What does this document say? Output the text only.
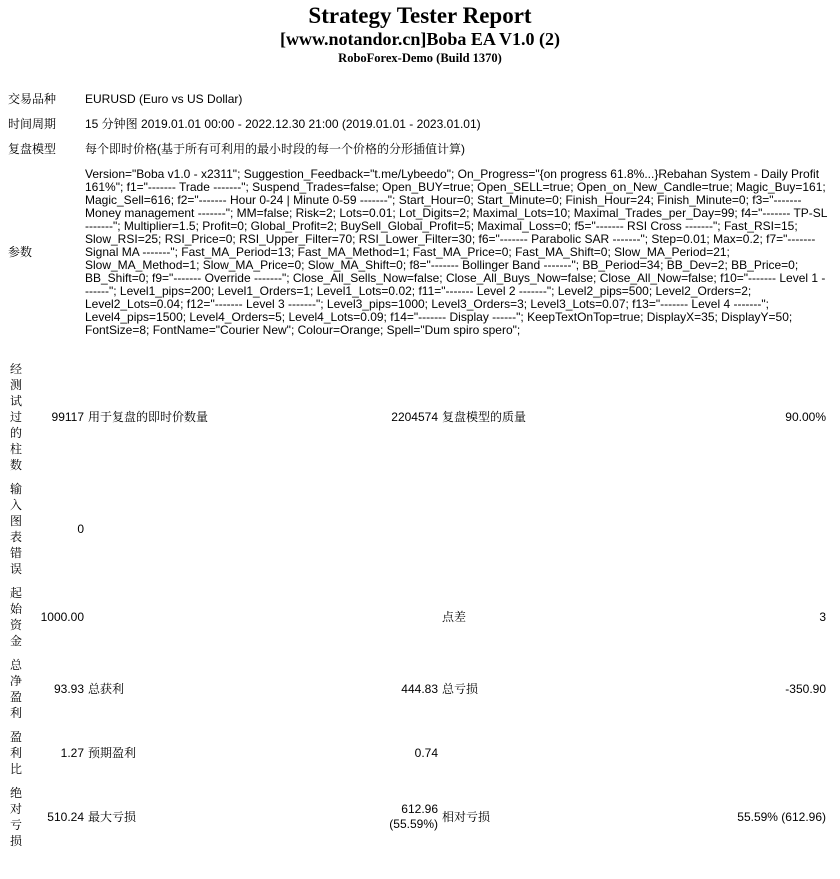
Strategy Tester Report
[www.notandor.cn]Boba EA V1.0 (2)
RoboForex-Demo (Build 1370)
交易品种	EURUSD (Euro vs US Dollar)
时间周期	15 分钟图 2019.01.01 00:00 - 2022.12.30 21:00 (2019.01.01 - 2023.01.01)
复盘模型	每个即时价格(基于所有可利用的最小时段的每一个价格的分形插值计算)
参数	Version="Boba v1.0 - x2311"; Suggestion_Feedback="t.me/Lybeedo"; On_Progress="{on progress 61.8%...}Rebahan System - Daily Profit 161%"; f1="------- Trade -------"; Suspend_Trades=false; Open_BUY=true; Open_SELL=true; Open_on_New_Candle=true; Magic_Buy=161; Magic_Sell=616; f2="------- Hour 0-24 | Minute 0-59 -------"; Start_Hour=0; Start_Minute=0; Finish_Hour=24; Finish_Minute=0; f3="------- Money management -------"; MM=false; Risk=2; Lots=0.01; Lot_Digits=2; Maximal_Lots=10; Maximal_Trades_per_Day=99; f4="------- TP-SL -------"; Multiplier=1.5; Profit=0; Global_Profit=2; BuySell_Global_Profit=5; Maximal_Loss=0; f5="------- RSI Cross -------"; Fast_RSI=15; Slow_RSI=25; RSI_Price=0; RSI_Upper_Filter=70; RSI_Lower_Filter=30; f6="------- Parabolic SAR -------"; Step=0.01; Max=0.2; f7="------- Signal MA -------"; Fast_MA_Period=13; Fast_MA_Method=1; Fast_MA_Price=0; Fast_MA_Shift=0; Slow_MA_Period=21; Slow_MA_Method=1; Slow_MA_Price=0; Slow_MA_Shift=0; f8="------- Bollinger Band -------"; BB_Period=34; BB_Dev=2; BB_Price=0; BB_Shift=0; f9="------- Override -------"; Close_All_Sells_Now=false; Close_All_Buys_Now=false; Close_All_Now=false; f10="------- Level 1 -------"; Level1_pips=200; Level1_Orders=1; Level1_Lots=0.02; f11="------- Level 2 -------"; Level2_pips=500; Level2_Orders=2; Level2_Lots=0.04; f12="------- Level 3 -------"; Level3_pips=1000; Level3_Orders=3; Level3_Lots=0.07; f13="------- Level 4 -------"; Level4_pips=1500; Level4_Orders=5; Level4_Lots=0.09; f14="------- Display ------"; KeepTextOnTop=true; DisplayX=35; DisplayY=50; FontSize=8; FontName="Courier New"; Colour=Orange; Spell="Dum spiro spero";
经测试过的柱数	99117	用于复盘的即时价数量	2204574	复盘模型的质量	90.00%
输入图表错误	0				
起始资金	1000.00			点差	3
总净盈利	93.93	总获利	444.83	总亏损	-350.90
盈利比	1.27	预期盈利	0.74		
绝对亏损	510.24	最大亏损	612.96 (55.59%)	相对亏损	55.59% (612.96)
